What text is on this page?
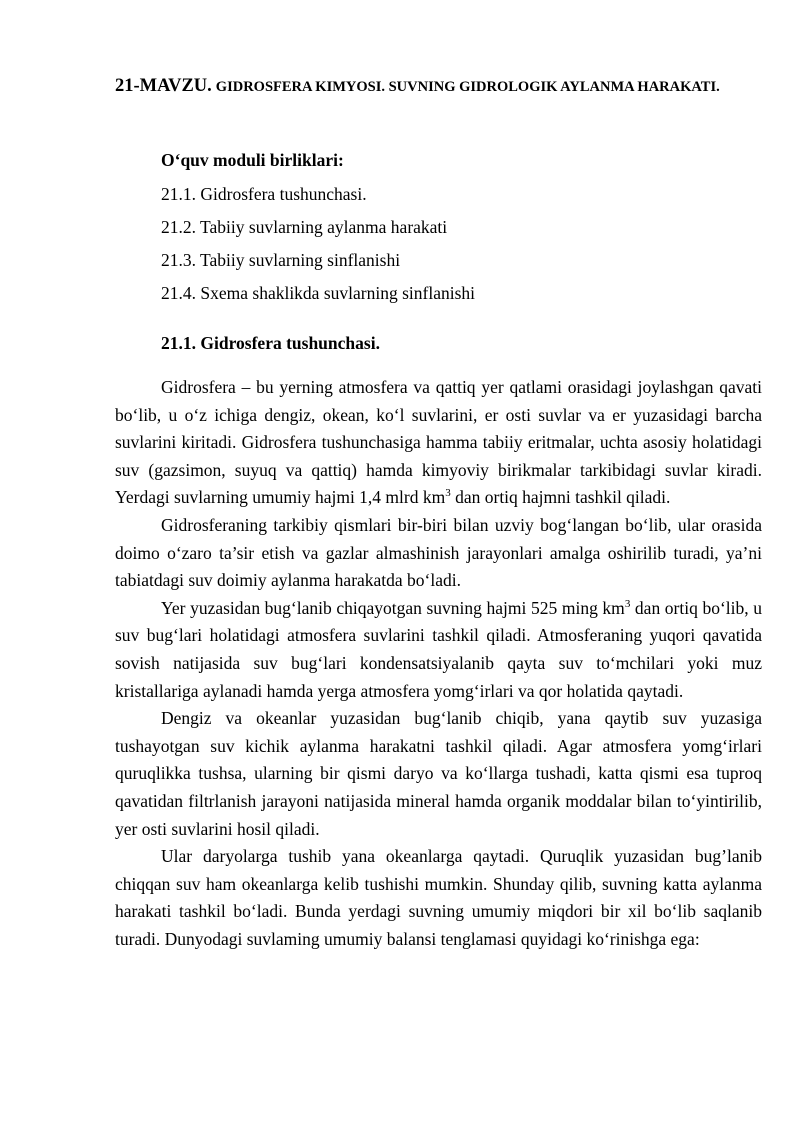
21-MAVZU. GIDROSFERA KIMYOSI. SUVNING GIDROLOGIK AYLANMA HARAKATI.
O‘quv moduli birliklari:
21.1. Gidrosfera tushunchasi.
21.2. Tabiiy suvlarning aylanma harakati
21.3. Tabiiy suvlarning sinflanishi
21.4. Sxema shaklikda suvlarning sinflanishi
21.1. Gidrosfera tushunchasi.

Gidrosfera – bu yerning atmosfera va qattiq yer qatlami orasidagi joylashgan qavati bo‘lib, u o‘z ichiga dengiz, okean, ko‘l suvlarini, er osti suvlar va er yuzasidagi barcha suvlarini kiritadi. Gidrosfera tushunchasiga hamma tabiiy eritmalar, uchta asosiy holatidagi suv (gazsimon, suyuq va qattiq) hamda kimyoviy birikmalar tarkibidagi suvlar kiradi. Yerdagi suvlarning umumiy hajmi 1,4 mlrd $km^3$ dan ortiq hajmni tashkil qiladi.

Gidrosferaning tarkibiy qismlari bir-biri bilan uzviy bog‘langan bo‘lib, ular orasida doimo o‘zaro ta’sir etish va gazlar almashinish jarayonlari amalga oshirilib turadi, ya’ni tabiatdagi suv doimiy aylanma harakatda bo‘ladi.

Yer yuzasidan bug‘lanib chiqayotgan suvning hajmi 525 ming $km^3$ dan ortiq bo‘lib, u suv bug‘lari holatidagi atmosfera suvlarini tashkil qiladi. Atmosferaning yuqori qavatida sovish natijasida suv bug‘lari kondensatsiyalanib qayta suv to‘mchilari yoki muz kristallariga aylanadi hamda yerga atmosfera yomg‘irlari va qor holatida qaytadi.

Dengiz va okeanlar yuzasidan bug‘lanib chiqib, yana qaytib suv yuzasiga tushayotgan suv kichik aylanma harakatni tashkil qiladi. Agar atmosfera yomg‘irlari quruqlikka tushsa, ularning bir qismi daryo va ko‘llarga tushadi, katta qismi esa tuproq qavatidan filtrlanish jarayoni natijasida mineral hamda organik moddalar bilan to‘yintirilib, yer osti suvlarini hosil qiladi.

Ular daryolarga tushib yana okeanlarga qaytadi. Quruqlik yuzasidan bug’lanib chiqqan suv ham okeanlarga kelib tushishi mumkin. Shunday qilib, suvning katta aylanma harakati tashkil bo‘ladi. Bunda yerdagi suvning umumiy miqdori bir xil bo‘lib saqlanib turadi. Dunyodagi suvlaming umumiy balansi tenglamasi quyidagi ko‘rinishga ega:
